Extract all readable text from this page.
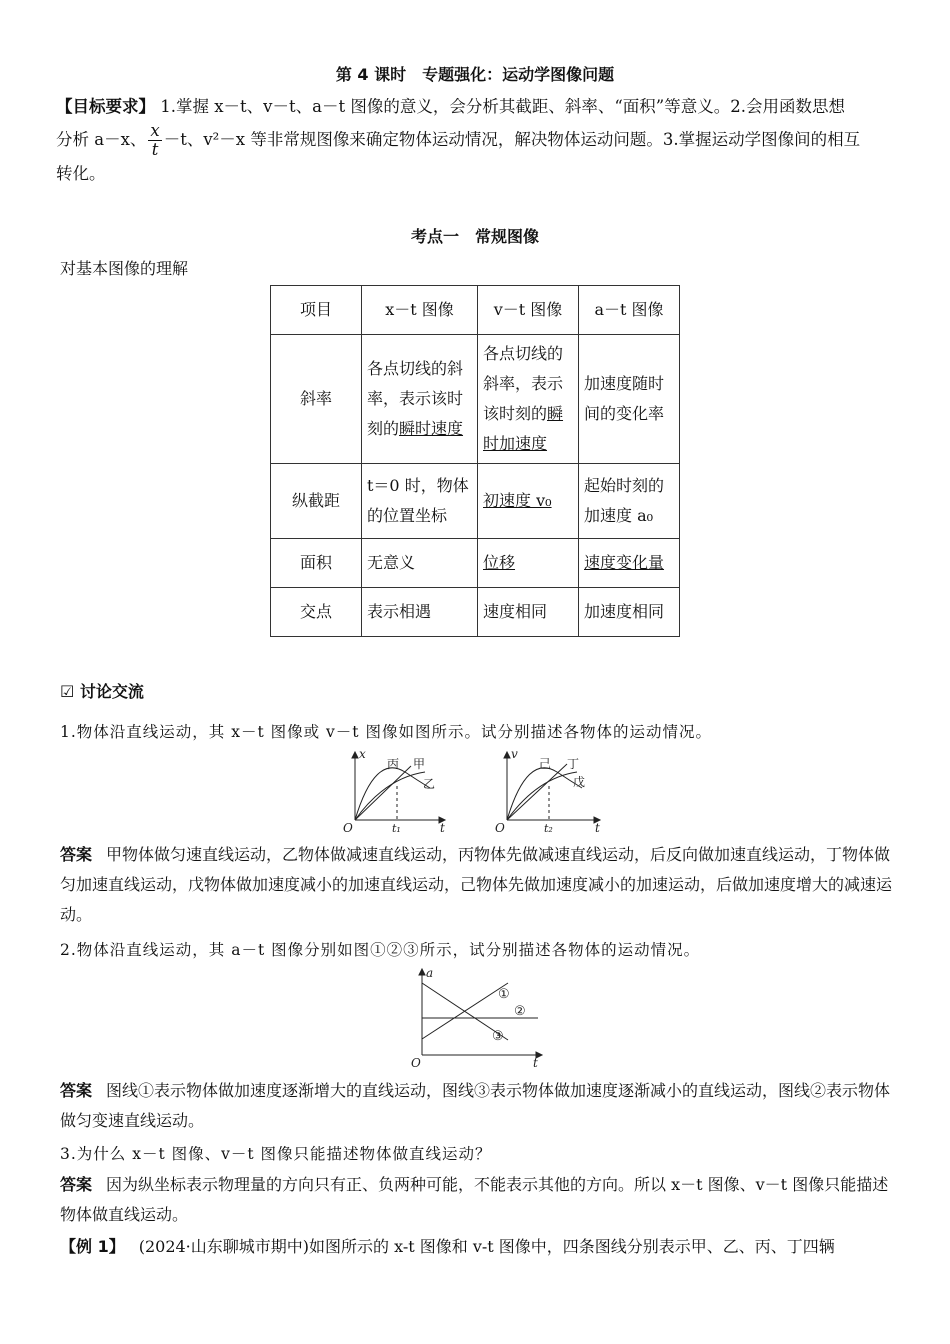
第 4 课时　专题强化：运动学图像问题
【目标要求】 1.掌握 x－t、v－t、a－t 图像的意义，会分析其截距、斜率、“面积”等意义。2.会用函数思想
分析 a－x、 $\frac{x}{t} -t$、v²－x 等非常规图像来确定物体运动情况，解决物体运动问题。3.掌握运动学图像间的相互
转化。
考点一　常规图像
对基本图像的理解
项目	x－t 图像	v－t 图像	a－t 图像
斜率	各点切线的斜率，表示该时刻的瞬时速度	各点切线的斜率，表示该时刻的瞬时加速度	加速度随时间的变化率
纵截距	t＝0 时，物体的位置坐标	初速度 v₀	起始时刻的加速度 a₀
面积	无意义	位移	速度变化量
交点	表示相遇	速度相同	加速度相同
☑ 讨论交流
1.物体沿直线运动，其 x－t 图像或 v－t 图像如图所示。试分别描述各物体的运动情况。
x
t
O	t₁
丙 甲
乙
v
t
O	t₂
己 丁
戊
答案 甲物体做匀速直线运动，乙物体做减速直线运动，丙物体先做减速直线运动，后反向做加速直线运动，丁物体做匀加速直线运动，戊物体做加速度减小的加速直线运动，己物体先做加速度减小的加速运动，后做加速度增大的减速运动。
2.物体沿直线运动，其 a－t 图像分别如图①②③所示，试分别描述各物体的运动情况。
a
t
O
①
②
③
答案 图线①表示物体做加速度逐渐增大的直线运动，图线③表示物体做加速度逐渐减小的直线运动，图线②表示物体做匀变速直线运动。
3.为什么 x－t 图像、v－t 图像只能描述物体做直线运动？
答案 因为纵坐标表示物理量的方向只有正、负两种可能，不能表示其他的方向。所以 x－t 图像、v－t 图像只能描述物体做直线运动。
【例 1】 (2024·山东聊城市期中)如图所示的 x-t 图像和 v-t 图像中，四条图线分别表示甲、乙、丙、丁四辆
